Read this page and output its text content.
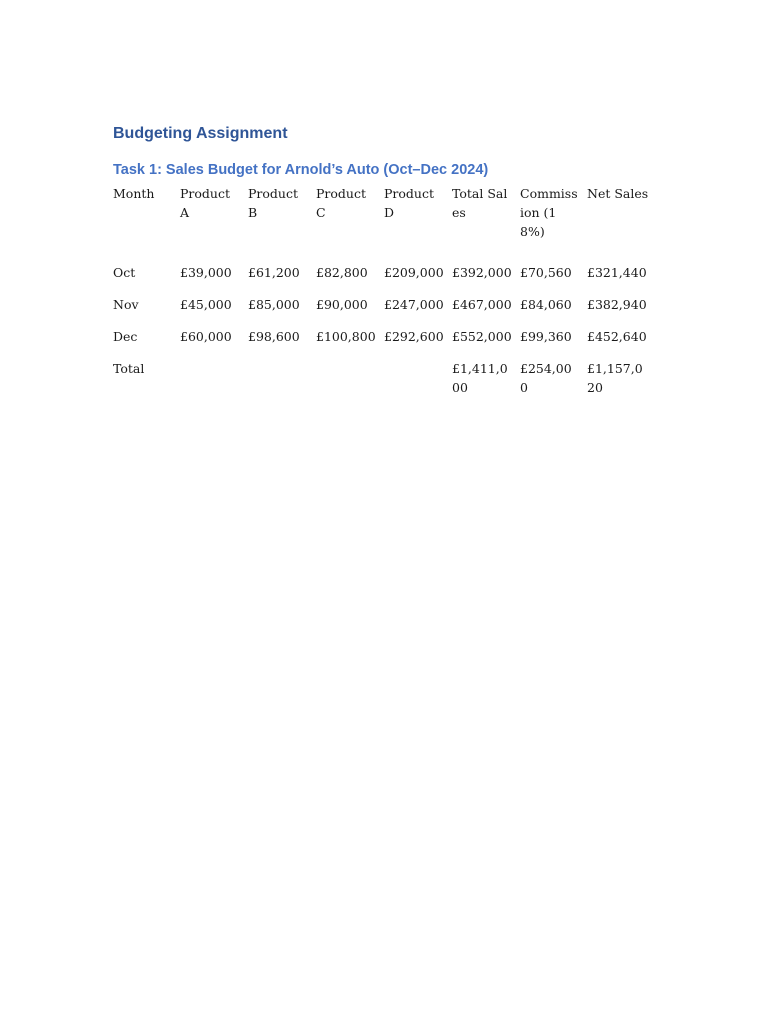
Budgeting Assignment
Task 1: Sales Budget for Arnold’s Auto (Oct–Dec 2024)
Month	Product A	Product B	Product C	Product D	Total Sales	Commission (18%)	Net Sales
Oct	£39,000	£61,200	£82,800	£209,000	£392,000	£70,560	£321,440
Nov	£45,000	£85,000	£90,000	£247,000	£467,000	£84,060	£382,940
Dec	£60,000	£98,600	£100,800	£292,600	£552,000	£99,360	£452,640
Total					£1,411,000	£254,000	£1,157,020
